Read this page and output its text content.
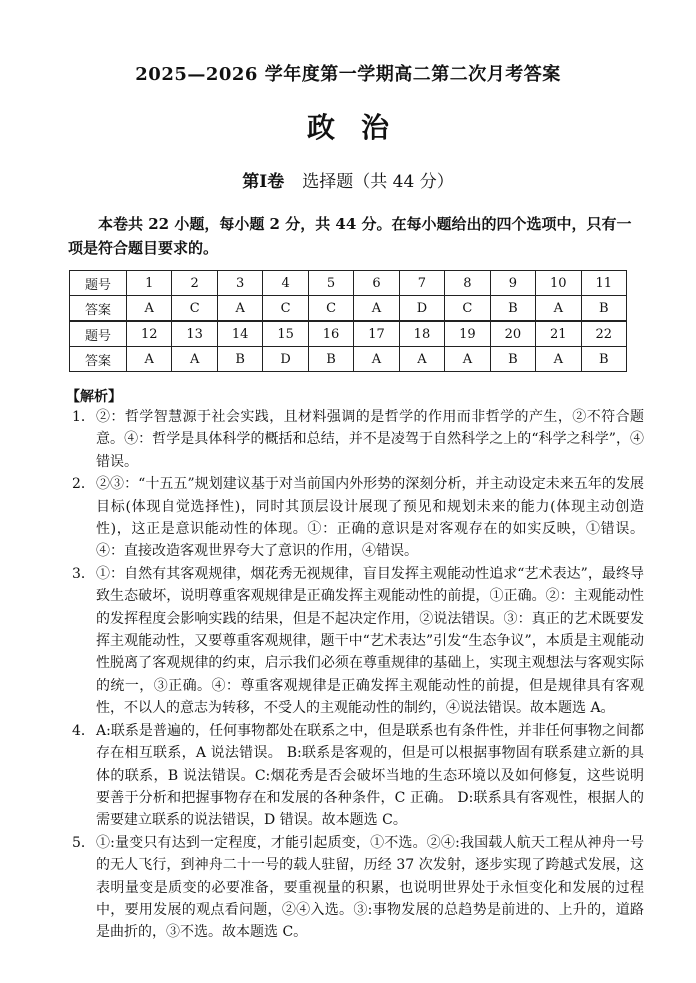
2025—2026 学年度第一学期高二第二次月考答案
政治
第Ⅰ卷 选择题（共 44 分）
本卷共 22 小题，每小题 2 分，共 44 分。在每小题给出的四个选项中，只有一项是符合题目要求的。
题号	1	2	3	4	5	6	7	8	9	10	11
答案	A	C	A	C	C	A	D	C	B	A	B
题号	12	13	14	15	16	17	18	19	20	21	22
答案	A	A	B	D	B	A	A	A	B	A	B
【解析】
1． ②：哲学智慧源于社会实践，且材料强调的是哲学的作用而非哲学的产生，②不符合题意。④：哲学是具体科学的概括和总结，并不是凌驾于自然科学之上的“科学之科学”，④错误。
2． ②③：“十五五”规划建议基于对当前国内外形势的深刻分析，并主动设定未来五年的发展目标(体现自觉选择性)，同时其顶层设计展现了预见和规划未来的能力(体现主动创造性)，这正是意识能动性的体现。①：正确的意识是对客观存在的如实反映，①错误。④：直接改造客观世界夸大了意识的作用，④错误。
3． ①：自然有其客观规律，烟花秀无视规律，盲目发挥主观能动性追求“艺术表达”，最终导致生态破坏，说明尊重客观规律是正确发挥主观能动性的前提，①正确。②：主观能动性的发挥程度会影响实践的结果，但是不起决定作用，②说法错误。③：真正的艺术既要发挥主观能动性，又要尊重客观规律，题干中“艺术表达”引发“生态争议”，本质是主观能动性脱离了客观规律的约束，启示我们必须在尊重规律的基础上，实现主观想法与客观实际的统一，③正确。④：尊重客观规律是正确发挥主观能动性的前提，但是规律具有客观性，不以人的意志为转移，不受人的主观能动性的制约，④说法错误。故本题选 A。
4． A:联系是普遍的，任何事物都处在联系之中，但是联系也有条件性，并非任何事物之间都存在相互联系，A 说法错误。 B:联系是客观的，但是可以根据事物固有联系建立新的具体的联系，B 说法错误。C:烟花秀是否会破坏当地的生态环境以及如何修复，这些说明要善于分析和把握事物存在和发展的各种条件，C 正确。 D:联系具有客观性，根据人的需要建立联系的说法错误，D 错误。故本题选 C。
5． ①:量变只有达到一定程度，才能引起质变，①不选。②④:我国载人航天工程从神舟一号的无人飞行，到神舟二十一号的载人驻留，历经 37 次发射，逐步实现了跨越式发展，这表明量变是质变的必要准备，要重视量的积累，也说明世界处于永恒变化和发展的过程中，要用发展的观点看问题，②④入选。③:事物发展的总趋势是前进的、上升的，道路是曲折的，③不选。故本题选 C。
